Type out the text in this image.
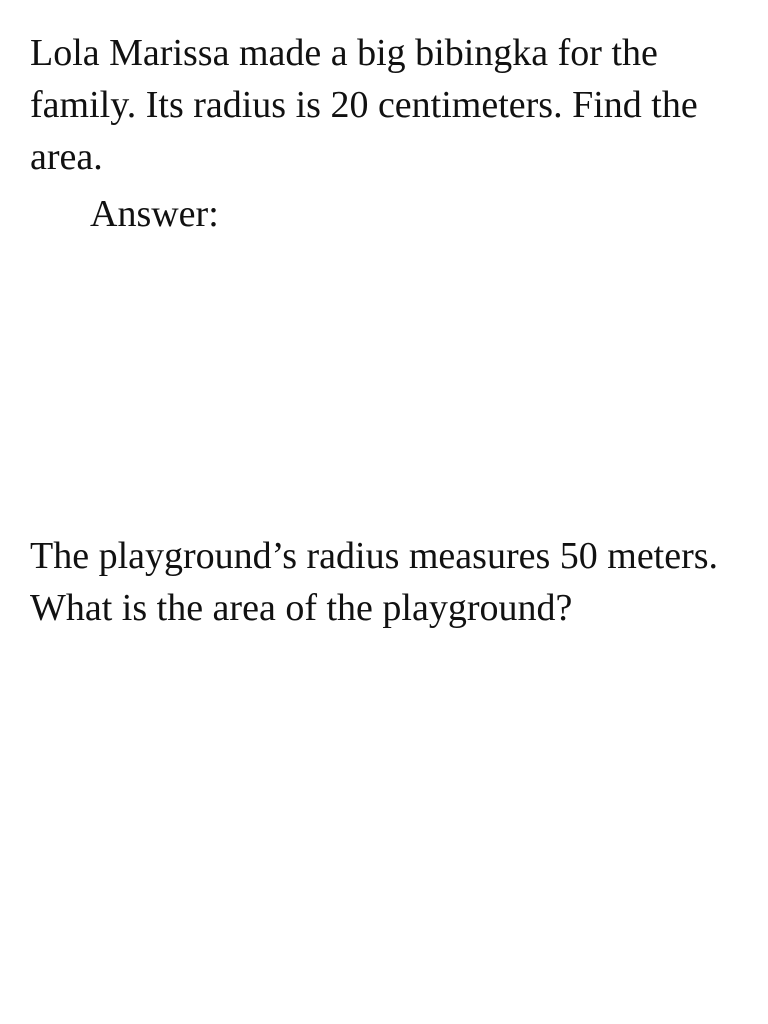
Lola Marissa made a big bibingka for the family. Its radius is 20 centimeters. Find the area.

Answer:

The playground’s radius measures 50 meters. What is the area of the playground?
